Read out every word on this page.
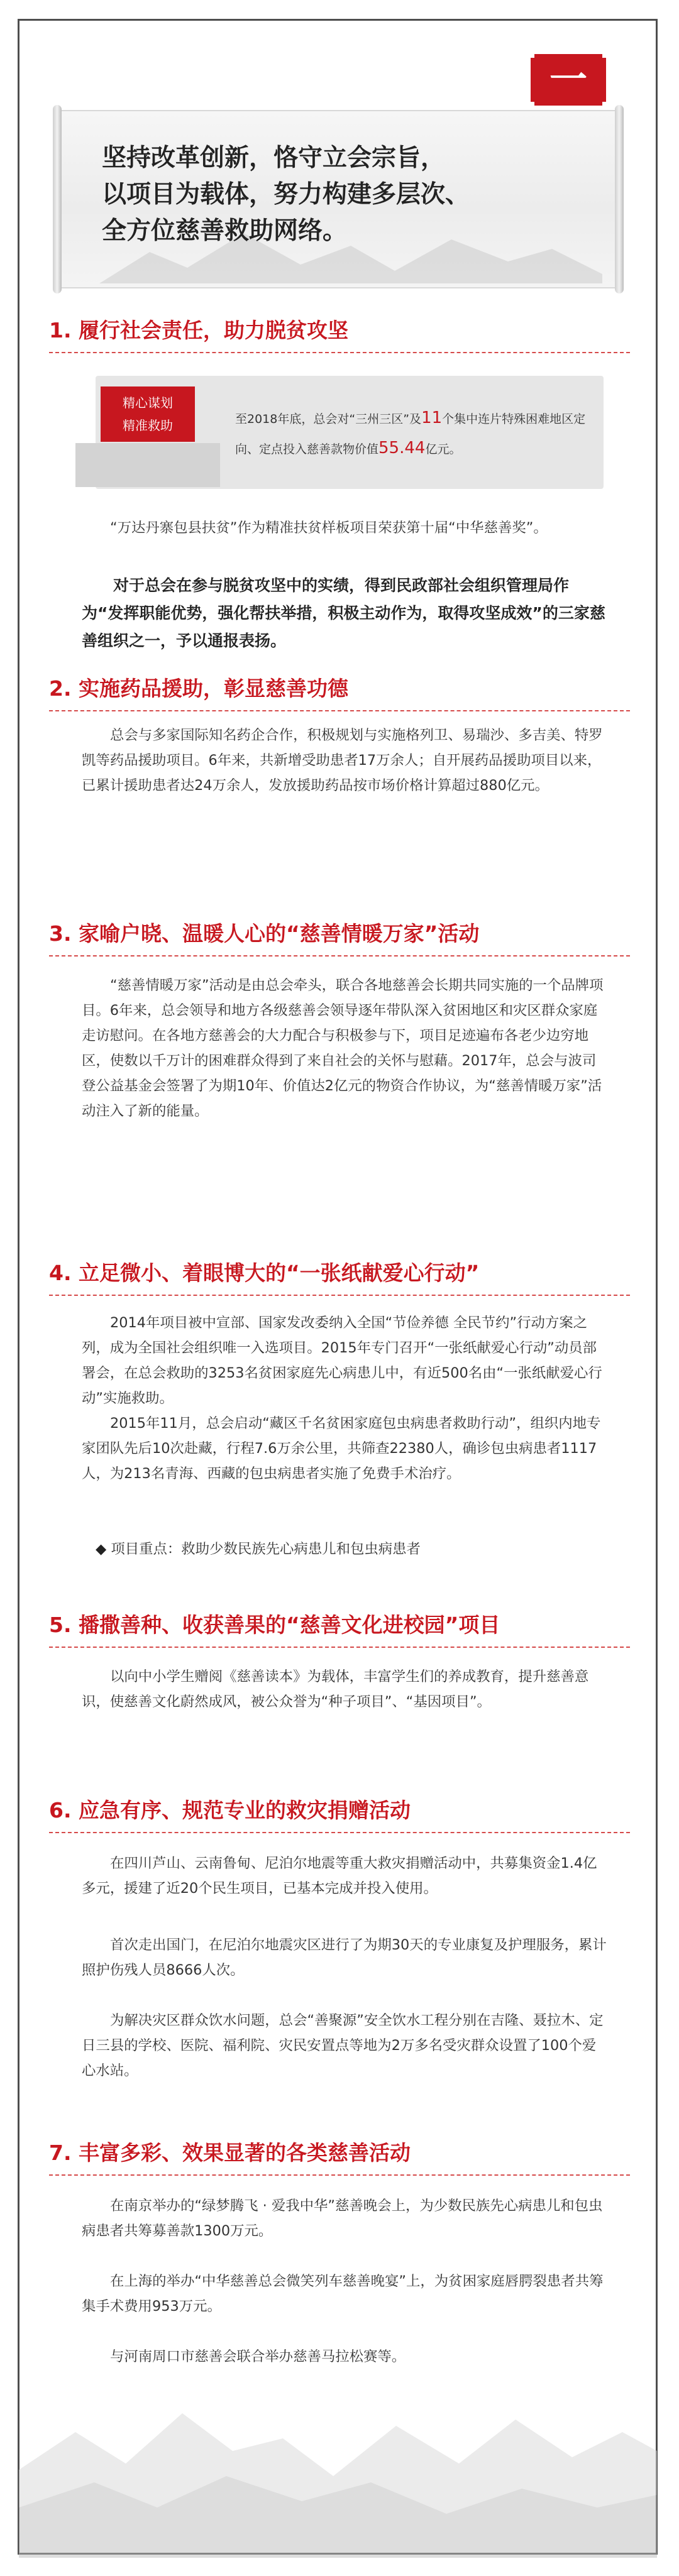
一
坚持改革创新，恪守立会宗旨，
以项目为载体，努力构建多层次、
全方位慈善救助网络。
1. 履行社会责任，助力脱贫攻坚
精心谋划
精准救助	至2018年底，总会对“三州三区”及11个集中连片特殊困难地区定向、定点投入慈善款物价值55.44亿元。

“万达丹寨包县扶贫”作为精准扶贫样板项目荣获第十届“中华慈善奖”。

对于总会在参与脱贫攻坚中的实绩，得到民政部社会组织管理局作为“发挥职能优势，强化帮扶举措，积极主动作为，取得攻坚成效”的三家慈善组织之一，予以通报表扬。

2. 实施药品援助，彰显慈善功德

总会与多家国际知名药企合作，积极规划与实施格列卫、易瑞沙、多吉美、特罗凯等药品援助项目。6年来，共新增受助患者17万余人；自开展药品援助项目以来，已累计援助患者达24万余人，发放援助药品按市场价格计算超过880亿元。

3. 家喻户晓、温暖人心的“慈善情暖万家”活动

“慈善情暖万家”活动是由总会牵头，联合各地慈善会长期共同实施的一个品牌项目。6年来，总会领导和地方各级慈善会领导逐年带队深入贫困地区和灾区群众家庭走访慰问。在各地方慈善会的大力配合与积极参与下，项目足迹遍布各老少边穷地区，使数以千万计的困难群众得到了来自社会的关怀与慰藉。2017年，总会与波司登公益基金会签署了为期10年、价值达2亿元的物资合作协议，为“慈善情暖万家”活动注入了新的能量。

4. 立足微小、着眼博大的“一张纸献爱心行动”

2014年项目被中宣部、国家发改委纳入全国“节俭养德 全民节约”行动方案之列，成为全国社会组织唯一入选项目。2015年专门召开“一张纸献爱心行动”动员部署会，在总会救助的3253名贫困家庭先心病患儿中，有近500名由“一张纸献爱心行动”实施救助。

2015年11月，总会启动“藏区千名贫困家庭包虫病患者救助行动”，组织内地专家团队先后10次赴藏，行程7.6万余公里，共筛查22380人，确诊包虫病患者1117人，为213名青海、西藏的包虫病患者实施了免费手术治疗。

◆ 项目重点：救助少数民族先心病患儿和包虫病患者
5. 播撒善种、收获善果的“慈善文化进校园”项目

以向中小学生赠阅《慈善读本》为载体，丰富学生们的养成教育，提升慈善意识，使慈善文化蔚然成风，被公众誉为“种子项目”、“基因项目”。

6. 应急有序、规范专业的救灾捐赠活动

在四川芦山、云南鲁甸、尼泊尔地震等重大救灾捐赠活动中，共募集资金1.4亿多元，援建了近20个民生项目，已基本完成并投入使用。

首次走出国门，在尼泊尔地震灾区进行了为期30天的专业康复及护理服务，累计照护伤残人员8666人次。

为解决灾区群众饮水问题，总会“善聚源”安全饮水工程分别在吉隆、聂拉木、定日三县的学校、医院、福利院、灾民安置点等地为2万多名受灾群众设置了100个爱心水站。

7. 丰富多彩、效果显著的各类慈善活动

在南京举办的“绿梦腾飞 · 爱我中华”慈善晚会上，为少数民族先心病患儿和包虫病患者共筹募善款1300万元。

在上海的举办“中华慈善总会微笑列车慈善晚宴”上，为贫困家庭唇腭裂患者共筹集手术费用953万元。

与河南周口市慈善会联合举办慈善马拉松赛等。
